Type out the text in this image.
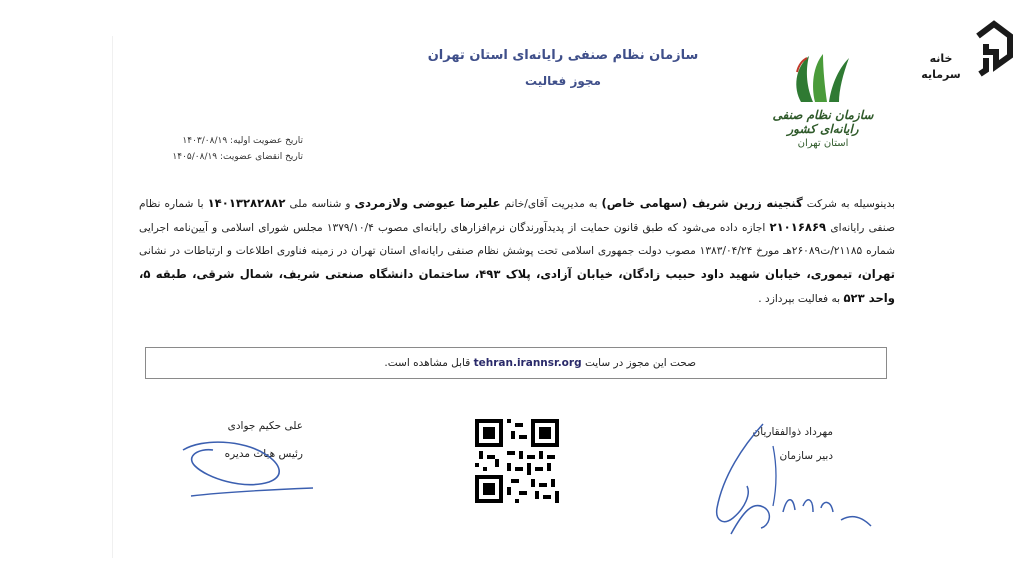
خانه
سرمایه
سازمان نظام صنفی رایانه‌ای استان تهران
مجوز فعالیت
سازمان نظام صنفی رایانه‌ای کشور
استان تهران
تاریخ عضویت اولیه: ۱۴۰۳/۰۸/۱۹
تاریخ انقضای عضویت: ۱۴۰۵/۰۸/۱۹
بدینوسیله به شرکت گنجینه زرین شریف (سهامی خاص) به مدیریت آقای/خانم علیرضا عیوضی ولازمردی و شناسه ملی ۱۴۰۱۳۲۸۲۸۸۲ با شماره نظام صنفی رایانه‌ای ۲۱۰۱۶۸۶۹ اجازه داده می‌شود که طبق قانون حمایت از پدیدآورندگان نرم‌افزارهای رایانه‌ای مصوب ۱۳۷۹/۱۰/۴ مجلس شورای اسلامی و آیین‌نامه اجرایی شماره ۲۱۱۸۵/ت۲۶۰۸۹هـ مورخ ۱۳۸۳/۰۴/۲۴ مصوب دولت جمهوری اسلامی تحت پوشش نظام صنفی رایانه‌ای استان تهران در زمینه فناوری اطلاعات و ارتباطات در نشانی تهران، تیموری، خیابان شهید داود حبیب زادگان، خیابان آزادی، پلاک ۴۹۳، ساختمان دانشگاه صنعتی شریف، شمال شرقی، طبقه ۵، واحد ۵۲۳ به فعالیت بپردازد .
صحت این مجوز در سایت tehran.irannsr.org قابل مشاهده است.
علی حکیم جوادی
رئیس هیات مدیره
مهرداد ذوالفقاریان
دبیر سازمان
